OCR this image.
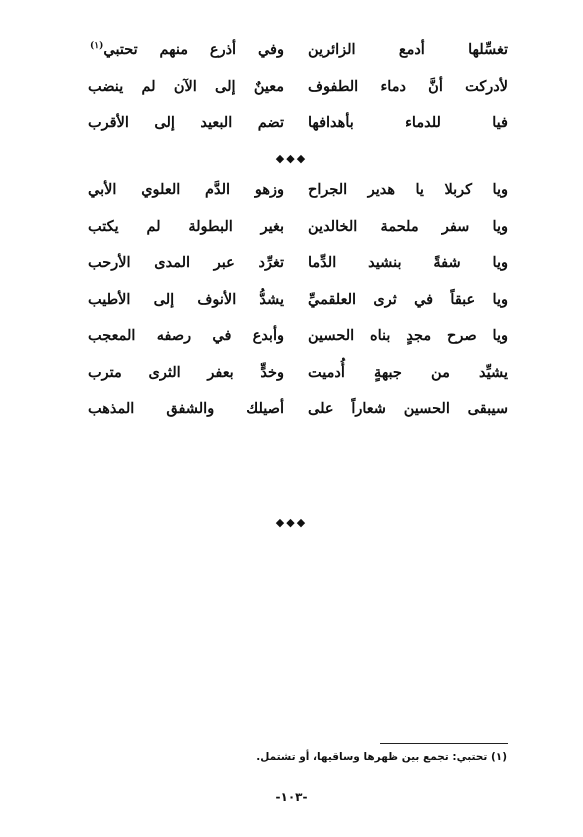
تغسِّلها أدمع الزائرين
وفي أذرع منهم تحتبي$^{(١)}$
لأدركت أنَّ دماء الطفوف
معينٌ إلى الآن لم ينضب
فيا للدماء بأهدافها
تضم البعيد إلى الأقرب
◆◆◆
ويا كربلا يا هدير الجراح
وزهو الدَّم العلوي الأبي
ويا سفر ملحمة الخالدين
بغير البطولة لم يكتب
ويا شفةً بنشيد الدِّما
تغرِّد عبر المدى الأرحب
ويا عبقاً في ثرى العلقميِّ
يشدُّ الأنوف إلى الأطيب
ويا صرح مجدٍ بناه الحسين
وأبدع في رصفه المعجب
يشيِّد من جبهةٍ أُدميت
وخدٍّ بعفر الثرى مترب
سيبقى الحسين شعاراً على
أصيلك والشفق المذهب
◆◆◆
(١) تحتبي: تجمع بين ظهرها وساقيها، أو تشتمل.
-١٠٣-
